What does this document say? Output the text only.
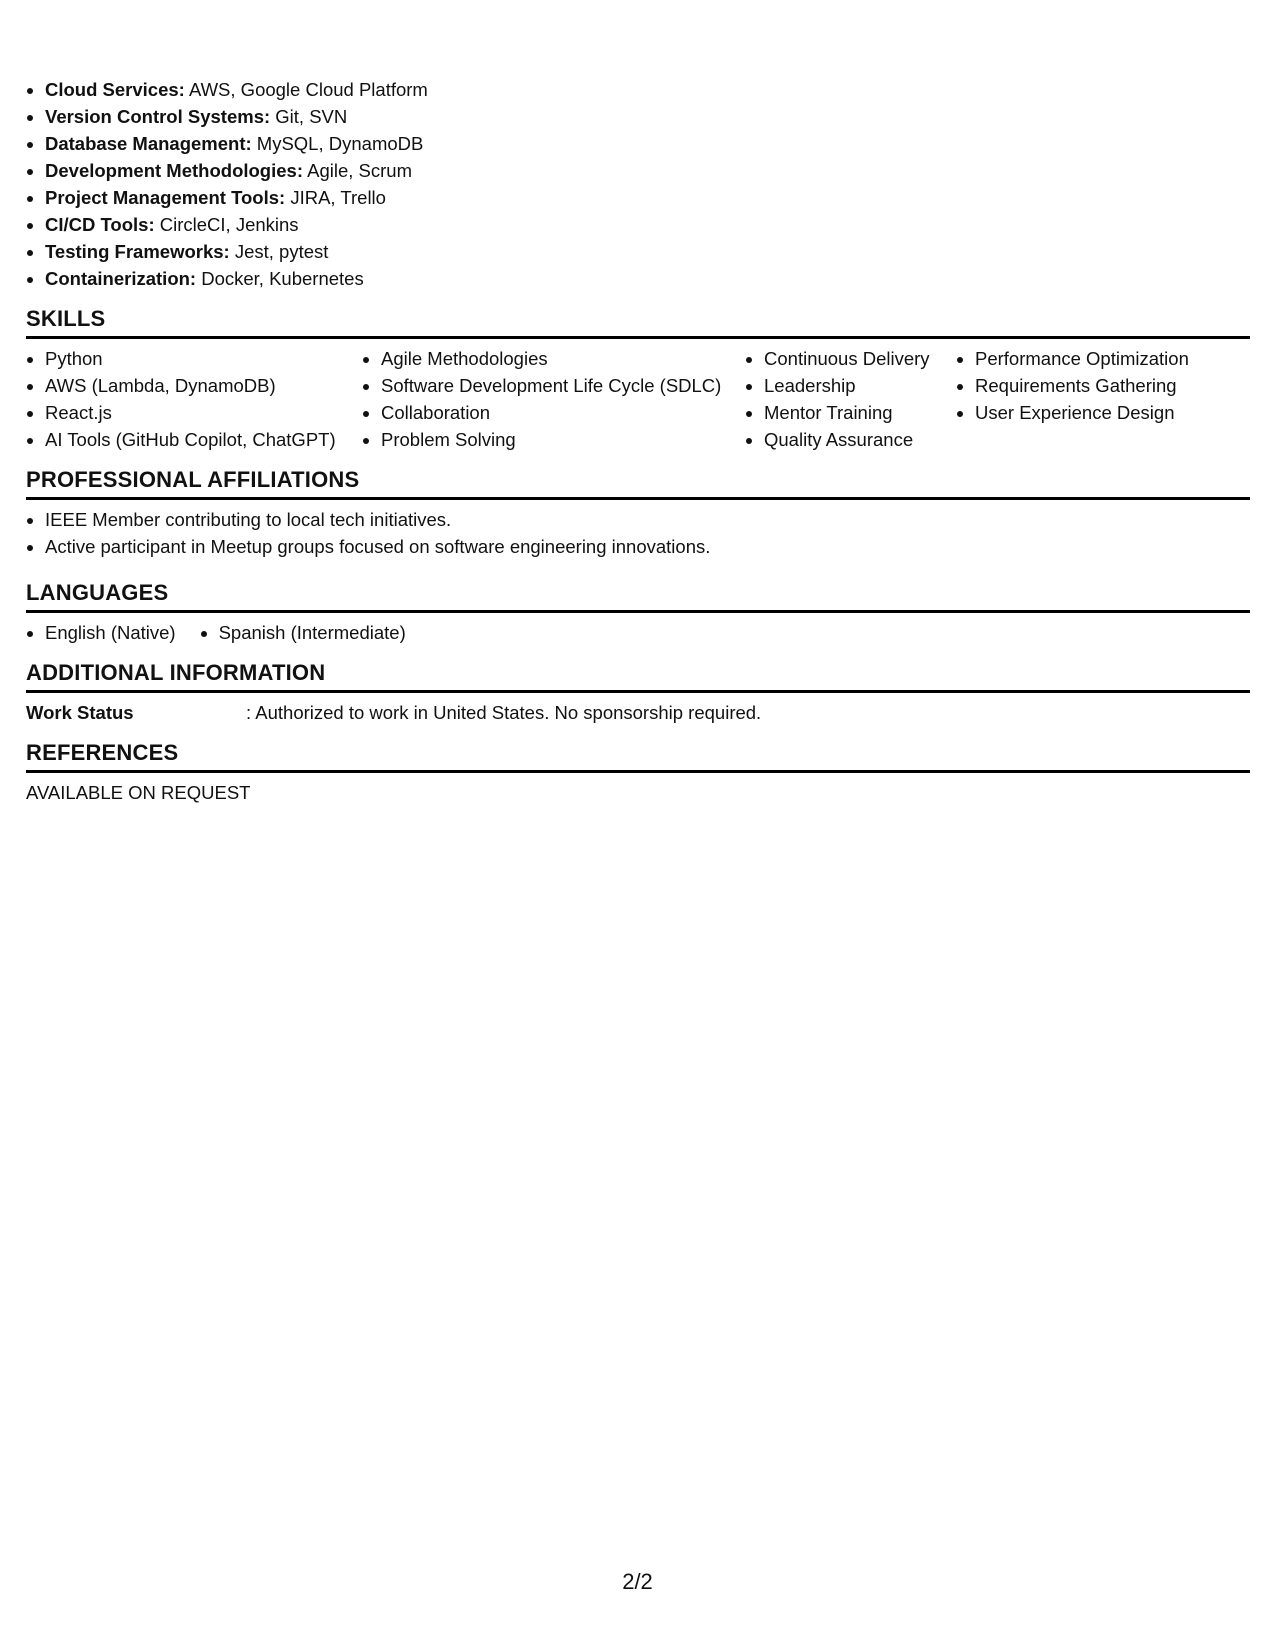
Cloud Services: AWS, Google Cloud Platform
Version Control Systems: Git, SVN
Database Management: MySQL, DynamoDB
Development Methodologies: Agile, Scrum
Project Management Tools: JIRA, Trello
CI/CD Tools: CircleCI, Jenkins
Testing Frameworks: Jest, pytest
Containerization: Docker, Kubernetes
SKILLS
Python
AWS (Lambda, DynamoDB)
React.js
AI Tools (GitHub Copilot, ChatGPT)
Agile Methodologies
Software Development Life Cycle (SDLC)
Collaboration
Problem Solving
Continuous Delivery
Leadership
Mentor Training
Quality Assurance
Performance Optimization
Requirements Gathering
User Experience Design
PROFESSIONAL AFFILIATIONS
IEEE Member contributing to local tech initiatives.
Active participant in Meetup groups focused on software engineering innovations.
LANGUAGES
English (Native)	Spanish (Intermediate)
ADDITIONAL INFORMATION
Work Status	: Authorized to work in United States. No sponsorship required.
REFERENCES
AVAILABLE ON REQUEST
2/2
